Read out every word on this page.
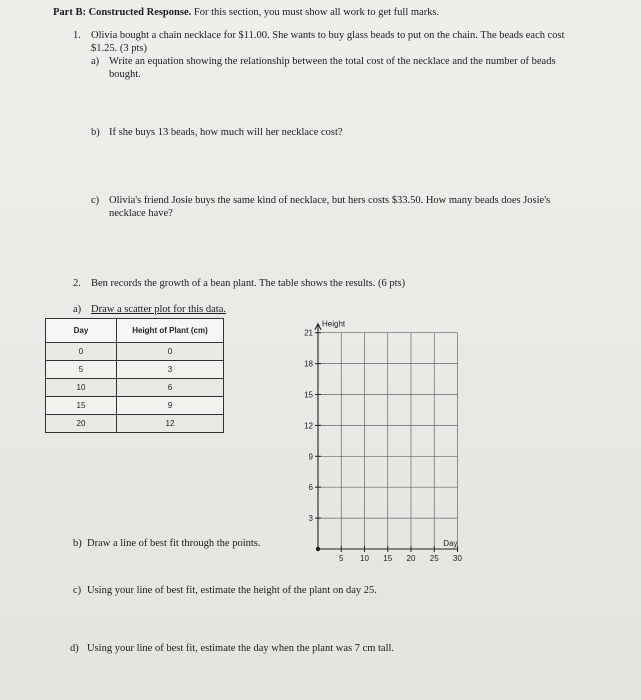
Part B: Constructed Response. For this section, you must show all work to get full marks.
1. Olivia bought a chain necklace for $11.00. She wants to buy glass beads to put on the chain. The beads each cost
$1.25. (3 pts)
a) Write an equation showing the relationship between the total cost of the necklace and the number of beads
bought.
b) If she buys 13 beads, how much will her necklace cost?
c) Olivia's friend Josie buys the same kind of necklace, but hers costs $33.50. How many beads does Josie's
necklace have?
2. Ben records the growth of a bean plant. The table shows the results. (6 pts)
a) Draw a scatter plot for this data.
Day	Height of Plant (cm)
0	0
5	3
10	6
15	9
20	12
3
6
9
12
15
18
21
5 10 15 20 25 30
Height
Day
b) Draw a line of best fit through the points.
c) Using your line of best fit, estimate the height of the plant on day 25.
d) Using your line of best fit, estimate the day when the plant was 7 cm tall.
